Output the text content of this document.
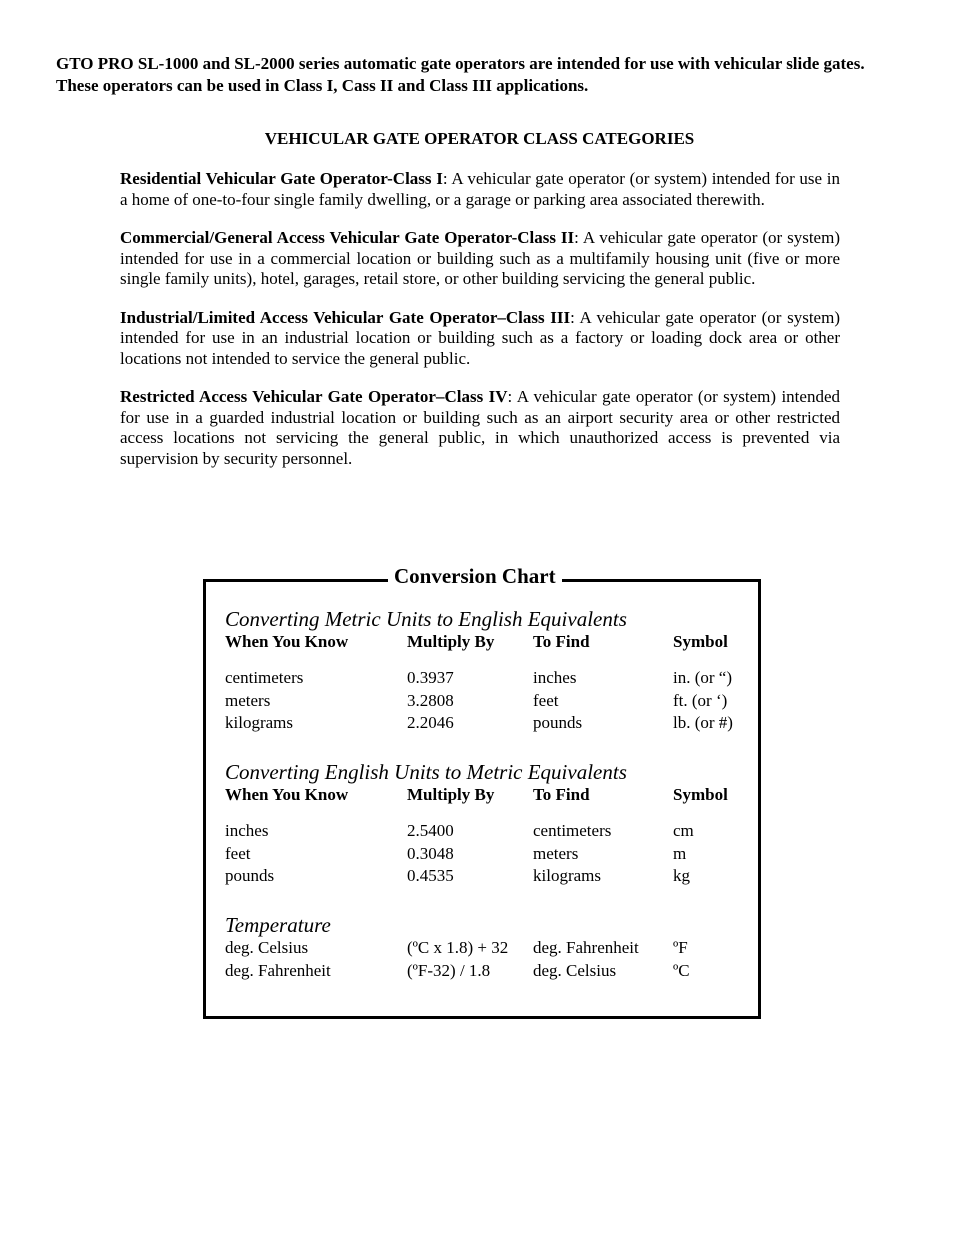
GTO PRO SL-1000 and SL-2000 series automatic gate operators are intended for use with vehicular slide gates. These operators can be used in Class I, Cass II and Class III applications.

VEHICULAR GATE OPERATOR CLASS CATEGORIES

Residential Vehicular Gate Operator-Class I: A vehicular gate operator (or system) intended for use in a home of one-to-four single family dwelling, or a garage or parking area associated therewith.

Commercial/General Access Vehicular Gate Operator-Class II: A vehicular gate operator (or system) intended for use in a commercial location or building such as a multifamily housing unit (five or more single family units), hotel, garages, retail store, or other building servicing the general public.

Industrial/Limited Access Vehicular Gate Operator–Class III: A vehicular gate operator (or system) intended for use in an industrial location or building such as a factory or loading dock area or other locations not intended to service the general public.

Restricted Access Vehicular Gate Operator–Class IV: A vehicular gate operator (or system) intended for use in a guarded industrial location or building such as an airport security area or other restricted access locations not servicing the general public, in which unauthorized access is prevented via supervision by security personnel.

Converting Metric Units to English Equivalents

When You Know	Multiply By	To Find	Symbol
centimeters	0.3937	inches	in. (or “)
meters	3.2808	feet	ft. (or ‘)
kilograms	2.2046	pounds	lb. (or #)

Converting English Units to Metric Equivalents

When You Know	Multiply By	To Find	Symbol
inches	2.5400	centimeters	cm
feet	0.3048	meters	m
pounds	0.4535	kilograms	kg

Temperature

deg. Celsius	(ºC x 1.8) + 32	deg. Fahrenheit	ºF
deg. Fahrenheit	(ºF-32) / 1.8	deg. Celsius	ºC
Conversion Chart
